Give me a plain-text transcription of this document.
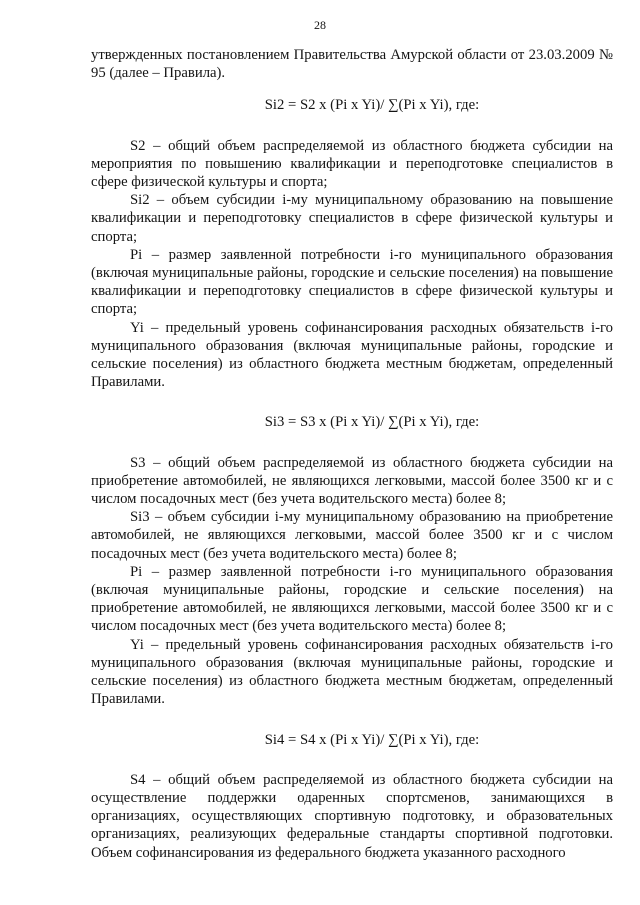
28

утвержденных постановлением Правительства Амурской области от 23.03.2009 № 95 (далее – Правила).

Si2 = S2 x (Pi x Yi)/ ∑(Pi x Yi), где:

S2 – общий объем распределяемой из областного бюджета субсидии на мероприятия по повышению квалификации и переподготовке специалистов в сфере физической культуры и спорта;

Si2 – объем субсидии i-му муниципальному образованию на повышение квалификации и переподготовку специалистов в сфере физической культуры и спорта;

Pi – размер заявленной потребности i-го муниципального образования (включая муниципальные районы, городские и сельские поселения) на повышение квалификации и переподготовку специалистов в сфере физической культуры и спорта;

Yi – предельный уровень софинансирования расходных обязательств i-го муниципального образования (включая муниципальные районы, городские и сельские поселения) из областного бюджета местным бюджетам, определенный Правилами.

Si3 = S3 x (Pi x Yi)/ ∑(Pi x Yi), где:

S3 – общий объем распределяемой из областного бюджета субсидии на приобретение автомобилей, не являющихся легковыми, массой более 3500 кг и с числом посадочных мест (без учета водительского места) более 8;

Si3 – объем субсидии i-му муниципальному образованию на приобретение автомобилей, не являющихся легковыми, массой более 3500 кг и с числом посадочных мест (без учета водительского места) более 8;

Pi – размер заявленной потребности i-го муниципального образования (включая муниципальные районы, городские и сельские поселения) на приобретение автомобилей, не являющихся легковыми, массой более 3500 кг и с числом посадочных мест (без учета водительского места) более 8;

Yi – предельный уровень софинансирования расходных обязательств i-го муниципального образования (включая муниципальные районы, городские и сельские поселения) из областного бюджета местным бюджетам, определенный Правилами.

Si4 = S4 x (Pi x Yi)/ ∑(Pi x Yi), где:

S4 – общий объем распределяемой из областного бюджета субсидии на осуществление поддержки одаренных спортсменов, занимающихся в организациях, осуществляющих спортивную подготовку, и образовательных организациях, реализующих федеральные стандарты спортивной подготовки. Объем софинансирования из федерального бюджета указанного расходного
